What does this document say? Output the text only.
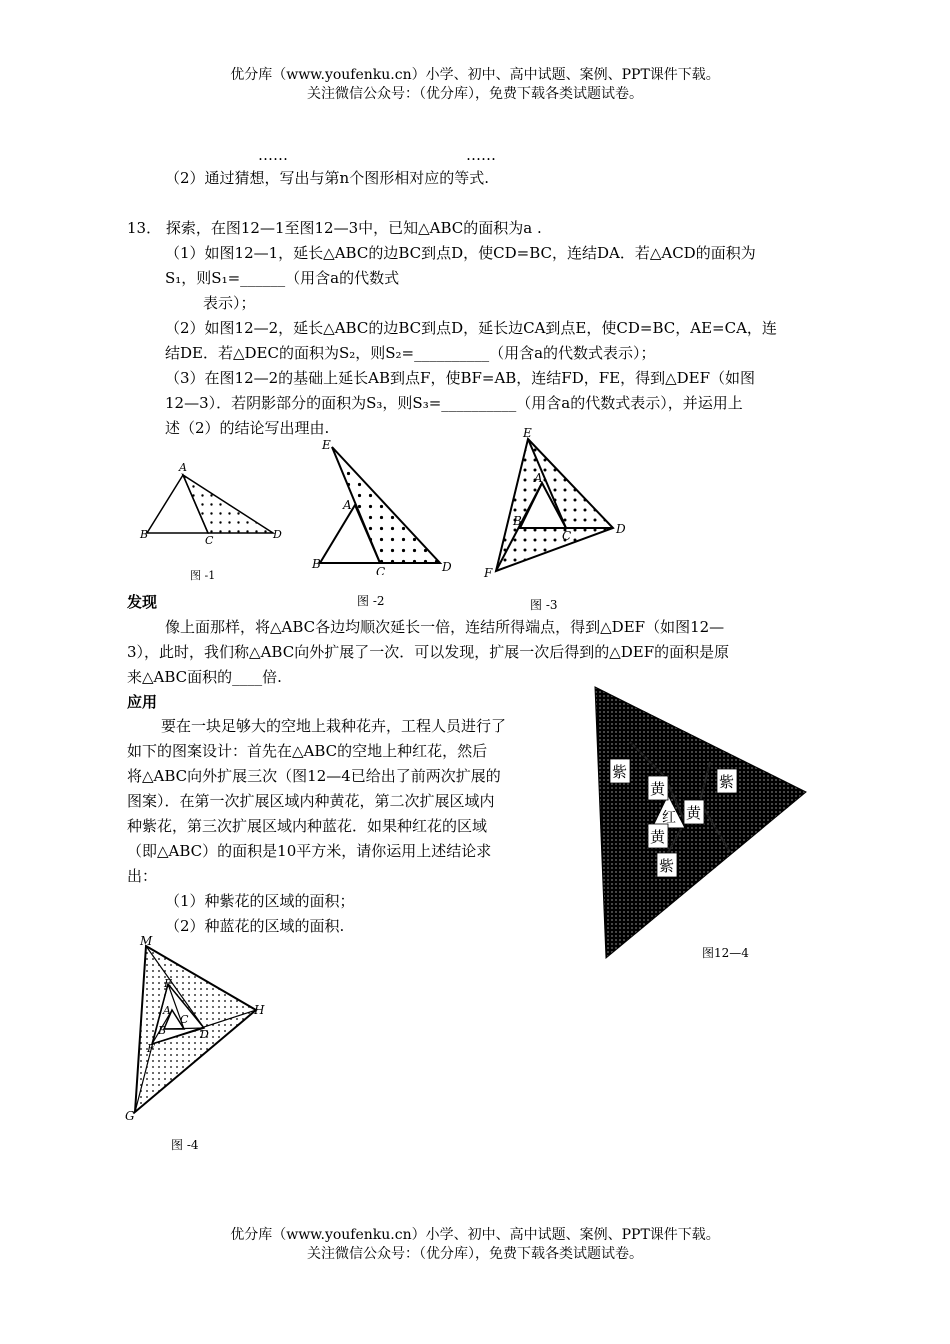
优分库（www.youfenku.cn）小学、初中、高中试题、案例、PPT课件下载。
关注微信公众号：（优分库），免费下载各类试题试卷。
……	……
（2）通过猜想，写出与第n个图形相对应的等式.
13． 探索，在图12—1至图12—3中，已知△ABC的面积为a .
（1）如图12—1，延长△ABC的边BC到点D，使CD=BC，连结DA．若△ACD的面积为
S₁，则S₁=______（用含a的代数式
表示）；
（2）如图12—2，延长△ABC的边BC到点D，延长边CA到点E，使CD=BC，AE=CA，连
结DE．若△DEC的面积为S₂，则S₂=__________（用含a的代数式表示）；
（3）在图12—2的基础上延长AB到点F，使BF=AB，连结FD，FE，得到△DEF（如图
12—3）．若阴影部分的面积为S₃，则S₃=__________（用含a的代数式表示），并运用上
述（2）的结论写出理由.
A
B	C	D
图 -1
E
A
B
C	D
图 -2
E
A
B
C	D
F
图 -3
发现
像上面那样，将△ABC各边均顺次延长一倍，连结所得端点，得到△DEF（如图12—
3），此时，我们称△ABC向外扩展了一次．可以发现，扩展一次后得到的△DEF的面积是原
来△ABC面积的____倍.
应用
要在一块足够大的空地上栽种花卉，工程人员进行了
如下的图案设计：首先在△ABC的空地上种红花，然后
将△ABC向外扩展三次（图12—4已给出了前两次扩展的
图案）．在第一次扩展区域内种黄花，第二次扩展区域内
种紫花，第三次扩展区域内种蓝花．如果种红花的区域
（即△ABC）的面积是10平方米，请你运用上述结论求
出：
（1）种紫花的区域的面积；
（2）种蓝花的区域的面积.
紫
紫
紫
黄
黄
黄
红
图12—4
M
E
A
B
C
D
F
H
G
图 -4
优分库（www.youfenku.cn）小学、初中、高中试题、案例、PPT课件下载。
关注微信公众号：（优分库），免费下载各类试题试卷。
